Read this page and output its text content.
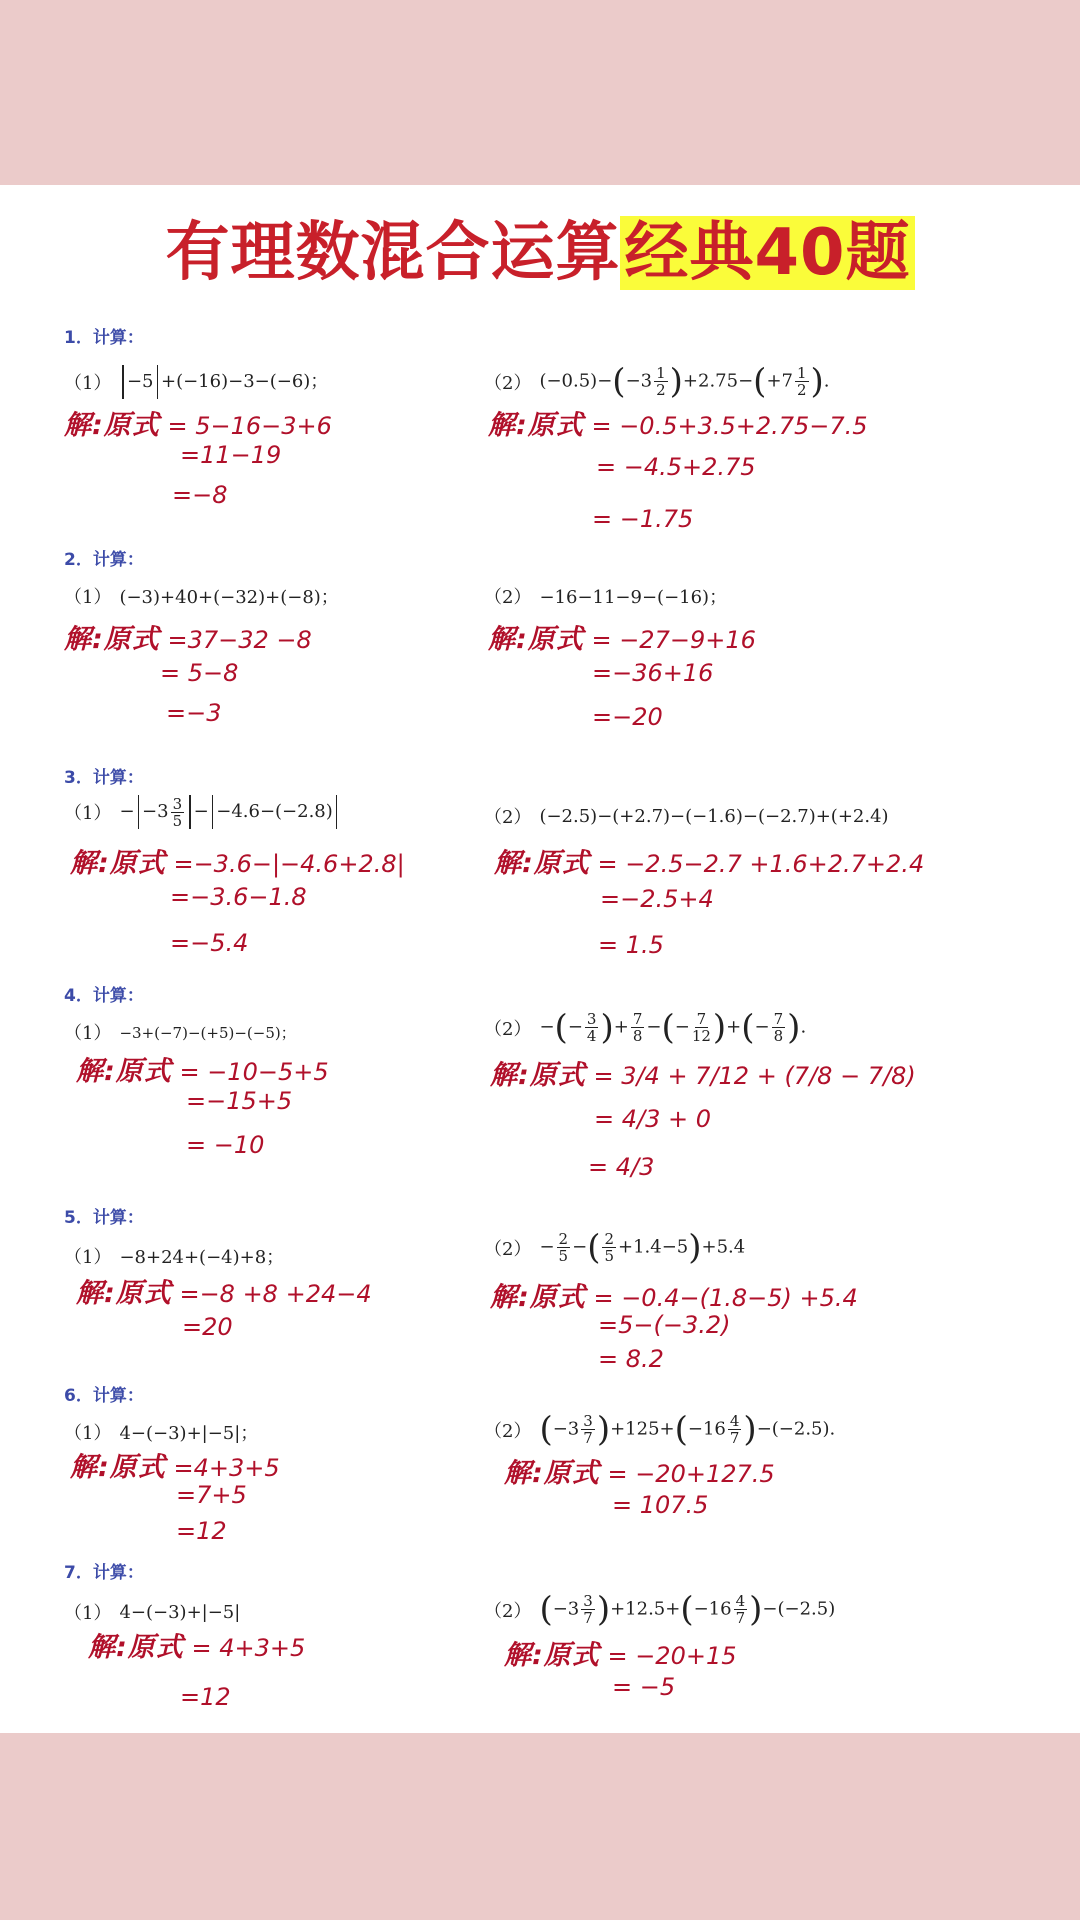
有理数混合运算经典40题
1．计算：
（1） −5 +(−16)−3−(−6)；	（2） $(-0.5)-(-3 \frac{1}{2} )+2.75-(+7 \frac{1}{2}$ ).
解:原式 = 5−16−3+6
=11−19
=−8
解:原式 = −0.5+3.5+2.75−7.5
= −4.5+2.75
= −1.75
2．计算：
（1） (−3)+40+(−32)+(−8)；	（2） −16−11−9−(−16)；
解:原式 =37−32 −8
= 5−8
=−3
解:原式 = −27−9+16
=−36+16
=−20
3．计算：
$(1) - -3 \frac{3}{5} - -4.6-(-2.8)$	（2） (−2.5)−(+2.7)−(−1.6)−(−2.7)+(+2.4)
解:原式 =−3.6−|−4.6+2.8|
=−3.6−1.8
=−5.4
解:原式 = −2.5−2.7 +1.6+2.7+2.4
=−2.5+4
= 1.5
4．计算：
（1） −3+(−7)−(+5)−(−5)；	（2） −(− $\frac{3}{4}$ )+ $\frac{7}{8}$ −(− $\frac{7}{12}$ )+(− $\frac{7}{8}$ ).
解:原式 = −10−5+5
=−15+5
= −10
解:原式 = 3/4 + 7/12 + (7/8 − 7/8)
= 4/3 + 0
= 4/3
5．计算：
（1） −8+24+(−4)+8；	$(2) - \frac{2}{5}$ −( $\frac{2}{5} +1.4-5)+5.4$
解:原式 =−8 +8 +24−4
=20
解:原式 = −0.4−(1.8−5) +5.4
=5−(−3.2)
= 8.2
6．计算：
（1） 4−(−3)+|−5|；	（2） $(-3 \frac{3}{7} )+125+(-16 \frac{4}{7} )-(-2.5)$.
解:原式 =4+3+5
=7+5
=12
解:原式 = −20+127.5
= 107.5
7．计算：
（1） 4−(−3)+|−5|	（2） $(-3 \frac{3}{7} )+12.5+(-16 \frac{4}{7} )-(-2.5)$
解:原式 = 4+3+5
=12
解:原式 = −20+15
= −5
